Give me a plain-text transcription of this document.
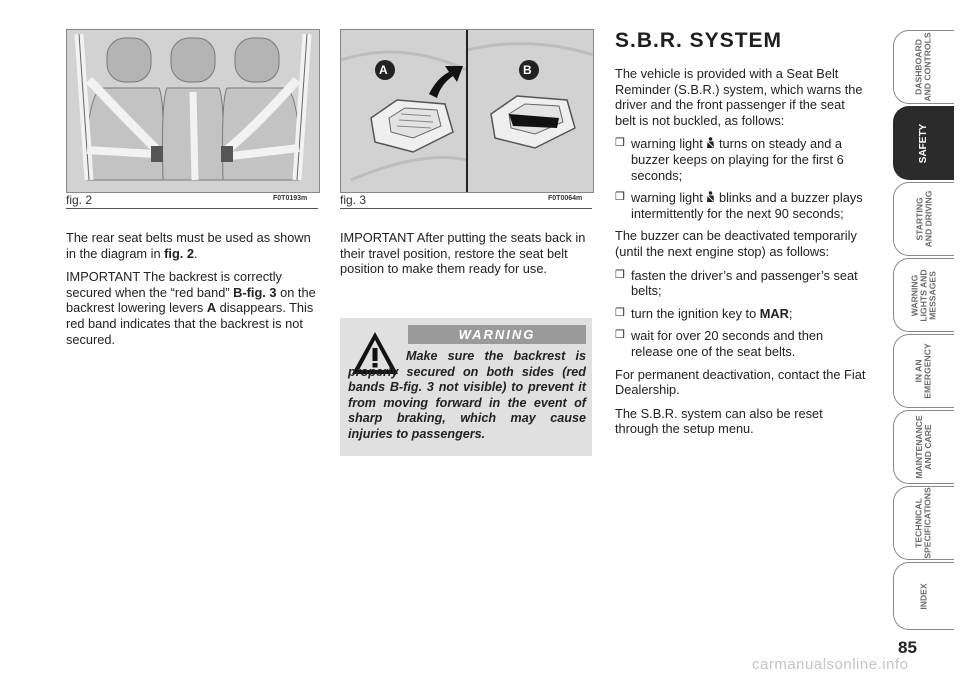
fig. 2	F0T0193m
A	B
fig. 3	F0T0064m

The rear seat belts must be used as shown in the diagram in fig. 2.

IMPORTANT The backrest is correctly secured when the “red band” B-fig. 3 on the backrest lowering levers A disappears. This red band indicates that the backrest is not secured.

IMPORTANT After putting the seats back in their travel position, restore the seat belt position to make them ready for use.

WARNING
Make sure the backrest is properly secured on both sides (red bands B-fig. 3 not visible) to prevent it from moving forward in the event of sharp braking, which may cause injuries to passengers.
S.B.R. SYSTEM

The vehicle is provided with a Seat Belt Reminder (S.B.R.) system, which warns the driver and the front passenger if the seat belt is not buckled, as follows:

❒ warning light  turns on steady and a buzzer keeps on playing for the first 6 seconds;
❒ warning light  blinks and a buzzer plays intermittently for the next 90 seconds;

The buzzer can be deactivated temporarily (until the next engine stop) as follows:

❒ fasten the driver’s and passenger’s seat belts;
❒ turn the ignition key to MAR;
❒ wait for over 20 seconds and then release one of the seat belts.

For permanent deactivation, contact the Fiat Dealership.

The S.B.R. system can also be reset through the setup menu.

DASHBOARD
AND CONTROLS
SAFETY
STARTING
AND DRIVING
WARNING
LIGHTS AND
MESSAGES
IN AN
EMERGENCY
MAINTENANCE
AND CARE
TECHNICAL
SPECIFICATIONS
INDEX
85
carmanualsonline.info
